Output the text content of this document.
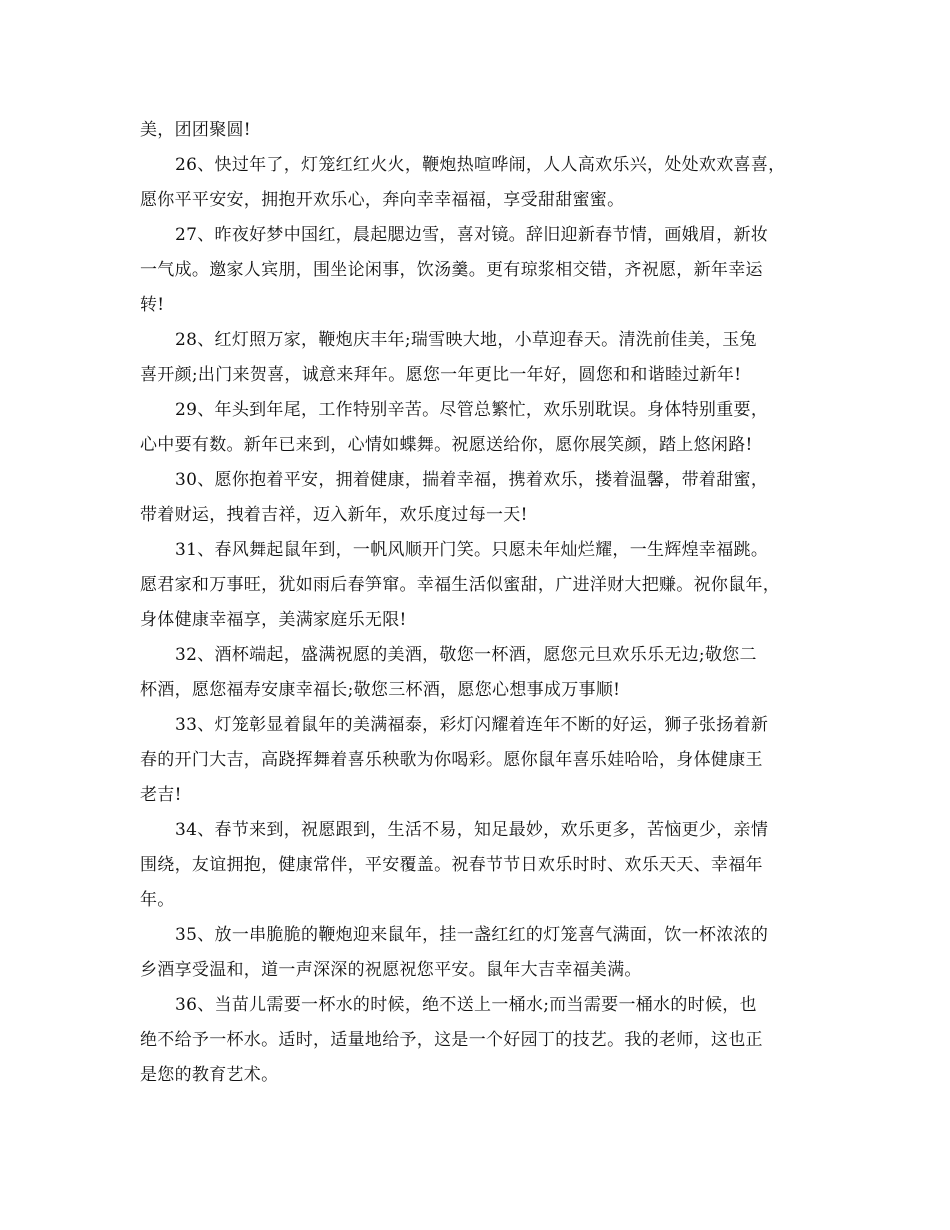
美，团团聚圆!
26、快过年了，灯笼红红火火，鞭炮热喧哗闹，人人高欢乐兴，处处欢欢喜喜，
愿你平平安安，拥抱开欢乐心，奔向幸幸福福，享受甜甜蜜蜜。
27、昨夜好梦中国红，晨起腮边雪，喜对镜。辞旧迎新春节情，画娥眉，新妆
一气成。邀家人宾朋，围坐论闲事，饮汤羹。更有琼浆相交错，齐祝愿，新年幸运
转!
28、红灯照万家，鞭炮庆丰年;瑞雪映大地，小草迎春天。清洗前佳美，玉兔
喜开颜;出门来贺喜，诚意来拜年。愿您一年更比一年好，圆您和和谐睦过新年!
29、年头到年尾，工作特别辛苦。尽管总繁忙，欢乐别耽误。身体特别重要，
心中要有数。新年已来到，心情如蝶舞。祝愿送给你，愿你展笑颜，踏上悠闲路!
30、愿你抱着平安，拥着健康，揣着幸福，携着欢乐，搂着温馨，带着甜蜜，
带着财运，拽着吉祥，迈入新年，欢乐度过每一天!
31、春风舞起鼠年到，一帆风顺开门笑。只愿未年灿烂耀，一生辉煌幸福跳。
愿君家和万事旺，犹如雨后春笋窜。幸福生活似蜜甜，广进洋财大把赚。祝你鼠年，
身体健康幸福享，美满家庭乐无限!
32、酒杯端起，盛满祝愿的美酒，敬您一杯酒，愿您元旦欢乐乐无边;敬您二
杯酒，愿您福寿安康幸福长;敬您三杯酒，愿您心想事成万事顺!
33、灯笼彰显着鼠年的美满福泰，彩灯闪耀着连年不断的好运，狮子张扬着新
春的开门大吉，高跷挥舞着喜乐秧歌为你喝彩。愿你鼠年喜乐娃哈哈，身体健康王
老吉!
34、春节来到，祝愿跟到，生活不易，知足最妙，欢乐更多，苦恼更少，亲情
围绕，友谊拥抱，健康常伴，平安覆盖。祝春节节日欢乐时时、欢乐天天、幸福年
年。
35、放一串脆脆的鞭炮迎来鼠年，挂一盏红红的灯笼喜气满面，饮一杯浓浓的
乡酒享受温和，道一声深深的祝愿祝您平安。鼠年大吉幸福美满。
36、当苗儿需要一杯水的时候，绝不送上一桶水;而当需要一桶水的时候，也
绝不给予一杯水。适时，适量地给予，这是一个好园丁的技艺。我的老师，这也正
是您的教育艺术。
